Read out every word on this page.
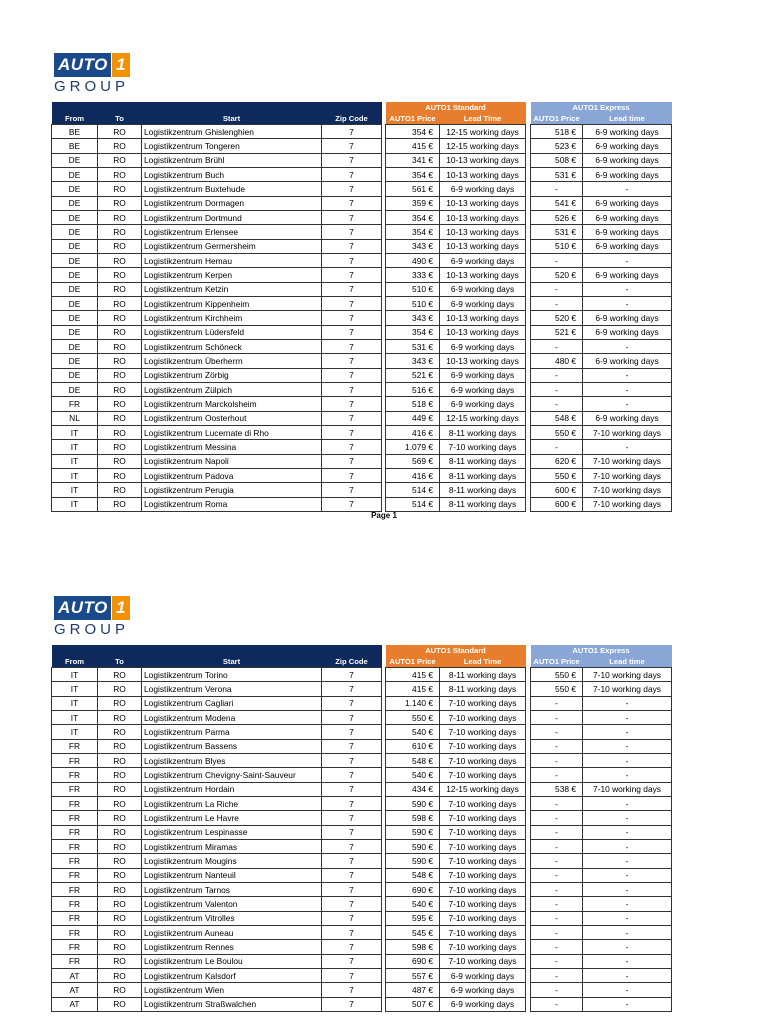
AUTO 1
GROUP
					AUTO1 Standard			AUTO1 Express	
From	To	Start	Zip Code		AUTO1 Price	Lead Time		AUTO1 Price	Lead time
BE	RO	Logistikzentrum Ghislenghien	7		354 €	12-15 working days		518 €	6-9 working days
BE	RO	Logistikzentrum Tongeren	7		415 €	12-15 working days		523 €	6-9 working days
DE	RO	Logistikzentrum Brühl	7		341 €	10-13 working days		508 €	6-9 working days
DE	RO	Logistikzentrum Buch	7		354 €	10-13 working days		531 €	6-9 working days
DE	RO	Logistikzentrum Buxtehude	7		561 €	6-9 working days		-	-
DE	RO	Logistikzentrum Dormagen	7		359 €	10-13 working days		541 €	6-9 working days
DE	RO	Logistikzentrum Dortmund	7		354 €	10-13 working days		526 €	6-9 working days
DE	RO	Logistikzentrum Erlensee	7		354 €	10-13 working days		531 €	6-9 working days
DE	RO	Logistikzentrum Germersheim	7		343 €	10-13 working days		510 €	6-9 working days
DE	RO	Logistikzentrum Hemau	7		490 €	6-9 working days		-	-
DE	RO	Logistikzentrum Kerpen	7		333 €	10-13 working days		520 €	6-9 working days
DE	RO	Logistikzentrum Ketzin	7		510 €	6-9 working days		-	-
DE	RO	Logistikzentrum Kippenheim	7		510 €	6-9 working days		-	-
DE	RO	Logistikzentrum Kirchheim	7		343 €	10-13 working days		520 €	6-9 working days
DE	RO	Logistikzentrum Lüdersfeld	7		354 €	10-13 working days		521 €	6-9 working days
DE	RO	Logistikzentrum Schöneck	7		531 €	6-9 working days		-	-
DE	RO	Logistikzentrum Überherrn	7		343 €	10-13 working days		480 €	6-9 working days
DE	RO	Logistikzentrum Zörbig	7		521 €	6-9 working days		-	-
DE	RO	Logistikzentrum Zülpich	7		516 €	6-9 working days		-	-
FR	RO	Logistikzentrum Marckolsheim	7		518 €	6-9 working days		-	-
NL	RO	Logistikzentrum Oosterhout	7		449 €	12-15 working days		548 €	6-9 working days
IT	RO	Logistikzentrum Lucernate di Rho	7		416 €	8-11 working days		550 €	7-10 working days
IT	RO	Logistikzentrum Messina	7		1.079 €	7-10 working days		-	-
IT	RO	Logistikzentrum Napoli	7		569 €	8-11 working days		620 €	7-10 working days
IT	RO	Logistikzentrum Padova	7		416 €	8-11 working days		550 €	7-10 working days
IT	RO	Logistikzentrum Perugia	7		514 €	8-11 working days		600 €	7-10 working days
IT	RO	Logistikzentrum Roma	7		514 €	8-11 working days		600 €	7-10 working days
Page 1
AUTO 1
GROUP
					AUTO1 Standard			AUTO1 Express	
From	To	Start	Zip Code		AUTO1 Price	Lead Time		AUTO1 Price	Lead time
IT	RO	Logistikzentrum Torino	7		415 €	8-11 working days		550 €	7-10 working days
IT	RO	Logistikzentrum Verona	7		415 €	8-11 working days		550 €	7-10 working days
IT	RO	Logistikzentrum Cagliari	7		1.140 €	7-10 working days		-	-
IT	RO	Logistikzentrum Modena	7		550 €	7-10 working days		-	-
IT	RO	Logistikzentrum Parma	7		540 €	7-10 working days		-	-
FR	RO	Logistikzentrum Bassens	7		610 €	7-10 working days		-	-
FR	RO	Logistikzentrum Blyes	7		548 €	7-10 working days		-	-
FR	RO	Logistikzentrum Chevigny-Saint-Sauveur	7		540 €	7-10 working days		-	-
FR	RO	Logistikzentrum Hordain	7		434 €	12-15 working days		538 €	7-10 working days
FR	RO	Logistikzentrum La Riche	7		590 €	7-10 working days		-	-
FR	RO	Logistikzentrum Le Havre	7		598 €	7-10 working days		-	-
FR	RO	Logistikzentrum Lespinasse	7		590 €	7-10 working days		-	-
FR	RO	Logistikzentrum Miramas	7		590 €	7-10 working days		-	-
FR	RO	Logistikzentrum Mougins	7		590 €	7-10 working days		-	-
FR	RO	Logistikzentrum Nanteuil	7		548 €	7-10 working days		-	-
FR	RO	Logistikzentrum Tarnos	7		690 €	7-10 working days		-	-
FR	RO	Logistikzentrum Valenton	7		540 €	7-10 working days		-	-
FR	RO	Logistikzentrum Vitrolles	7		595 €	7-10 working days		-	-
FR	RO	Logistikzentrum Auneau	7		545 €	7-10 working days		-	-
FR	RO	Logistikzentrum Rennes	7		598 €	7-10 working days		-	-
FR	RO	Logistikzentrum Le Boulou	7		690 €	7-10 working days		-	-
AT	RO	Logistikzentrum Kalsdorf	7		557 €	6-9 working days		-	-
AT	RO	Logistikzentrum Wien	7		487 €	6-9 working days		-	-
AT	RO	Logistikzentrum Straßwalchen	7		507 €	6-9 working days		-	-
